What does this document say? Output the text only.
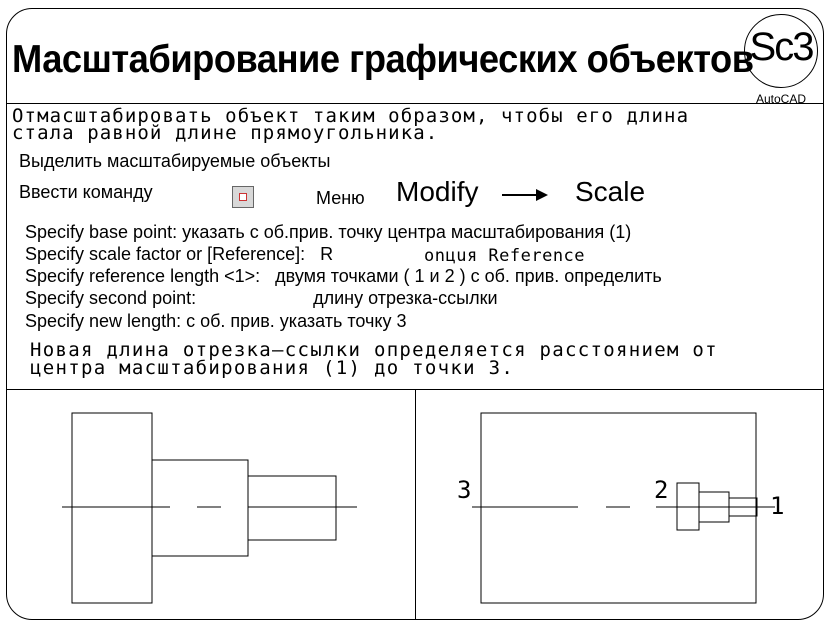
Масштабирование графических объектов
Sc3
AutoCAD
Отмасштабировать объект таким образом, чтобы его длина
стала равной длине прямоугольника.
Выделить масштабируемые объекты
Ввести команду	Меню Modify	Scale
Specify base point: указать с об.прив. точку центра масштабирования (1)
Specify scale factor or [Reference]: R	onцuя Reference
Specify reference length <1>: двумя точками ( 1 и 2 ) с об. прив. определить
Specify second point:	длину отрезка-ссылки
Specify new length: с об. прив. указать точку 3
Новая длина отрезка—ссылки определяется расстоянием от
центра масштабирования (1) до точки 3.
3	2
1
